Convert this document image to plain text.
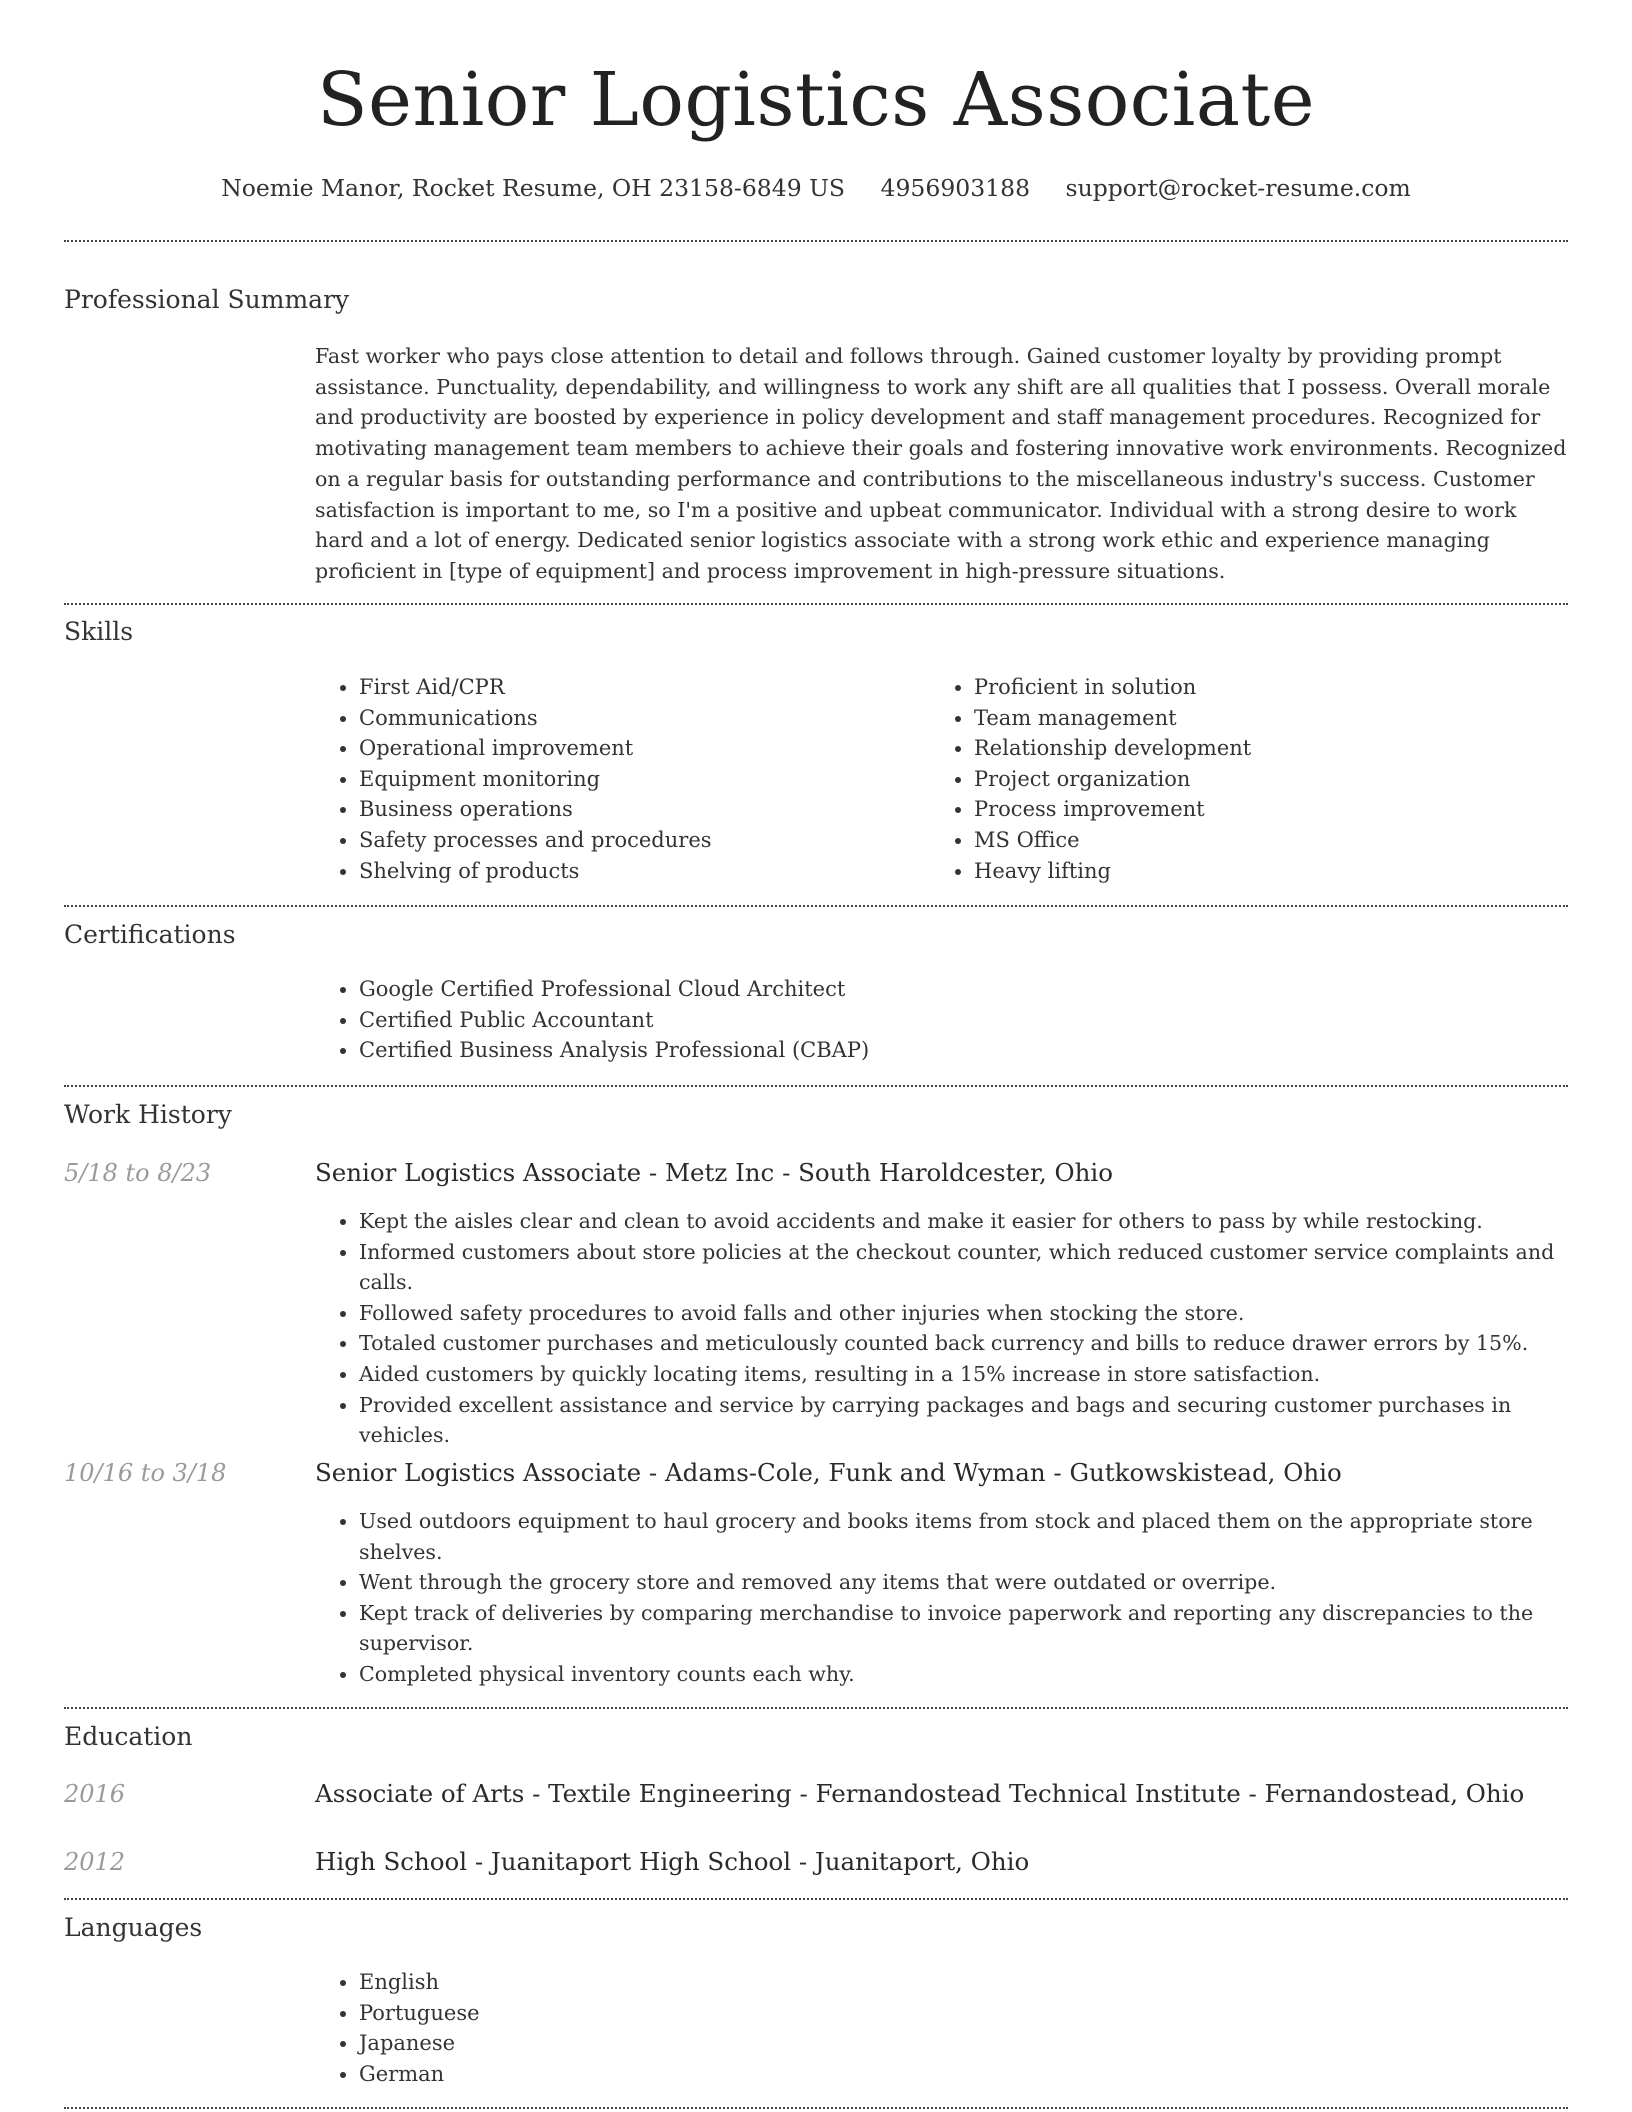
Senior Logistics Associate
Noemie Manor, Rocket Resume, OH 23158-6849 US 4956903188 support@rocket-resume.com
Professional Summary

Fast worker who pays close attention to detail and follows through. Gained customer loyalty by providing prompt assistance. Punctuality, dependability, and willingness to work any shift are all qualities that I possess. Overall morale and productivity are boosted by experience in policy development and staff management procedures. Recognized for motivating management team members to achieve their goals and fostering innovative work environments. Recognized on a regular basis for outstanding performance and contributions to the miscellaneous industry's success. Customer satisfaction is important to me, so I'm a positive and upbeat communicator. Individual with a strong desire to work hard and a lot of energy. Dedicated senior logistics associate with a strong work ethic and experience managing proficient in [type of equipment] and process improvement in high-pressure situations.

Skills
• First Aid/CPR
• Communications
• Operational improvement
• Equipment monitoring
• Business operations
• Safety processes and procedures
• Shelving of products
• Proficient in solution
• Team management
• Relationship development
• Project organization
• Process improvement
• MS Office
• Heavy lifting
Certifications
• Google Certified Professional Cloud Architect
• Certified Public Accountant
• Certified Business Analysis Professional (CBAP)
Work History
5/18 to 8/23	Senior Logistics Associate - Metz Inc - South Haroldcester, Ohio
• Kept the aisles clear and clean to avoid accidents and make it easier for others to pass by while restocking.
• Informed customers about store policies at the checkout counter, which reduced customer service complaints and calls.
• Followed safety procedures to avoid falls and other injuries when stocking the store.
• Totaled customer purchases and meticulously counted back currency and bills to reduce drawer errors by 15%.
• Aided customers by quickly locating items, resulting in a 15% increase in store satisfaction.
• Provided excellent assistance and service by carrying packages and bags and securing customer purchases in vehicles.
10/16 to 3/18	Senior Logistics Associate - Adams-Cole, Funk and Wyman - Gutkowskistead, Ohio
• Used outdoors equipment to haul grocery and books items from stock and placed them on the appropriate store shelves.
• Went through the grocery store and removed any items that were outdated or overripe.
• Kept track of deliveries by comparing merchandise to invoice paperwork and reporting any discrepancies to the supervisor.
• Completed physical inventory counts each why.
Education
2016	Associate of Arts - Textile Engineering - Fernandostead Technical Institute - Fernandostead, Ohio
2012	High School - Juanitaport High School - Juanitaport, Ohio
Languages
• English
• Portuguese
• Japanese
• German
